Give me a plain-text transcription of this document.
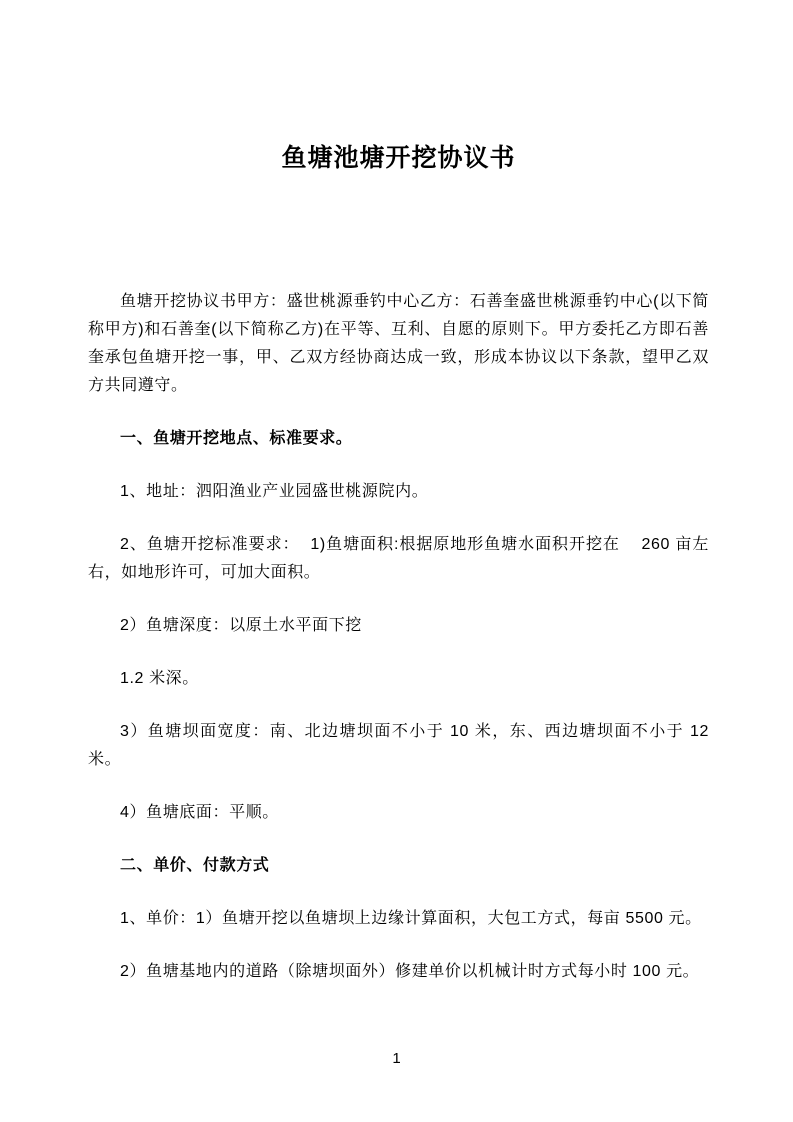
鱼塘池塘开挖协议书

鱼塘开挖协议书甲方：盛世桃源垂钓中心乙方：石善奎盛世桃源垂钓中心(以下简称甲方)和石善奎(以下简称乙方)在平等、互利、自愿的原则下。甲方委托乙方即石善奎承包鱼塘开挖一事，甲、乙双方经协商达成一致，形成本协议以下条款，望甲乙双方共同遵守。

一、鱼塘开挖地点、标准要求。

1、地址：泗阳渔业产业园盛世桃源院内。

2、鱼塘开挖标准要求：  1)鱼塘面积:根据原地形鱼塘水面积开挖在    260 亩左右，如地形许可，可加大面积。

2）鱼塘深度：以原土水平面下挖

1.2 米深。

3）鱼塘坝面宽度：南、北边塘坝面不小于 10 米，东、西边塘坝面不小于 12 米。

4）鱼塘底面：平顺。

二、单价、付款方式

1、单价：1）鱼塘开挖以鱼塘坝上边缘计算面积，大包工方式，每亩 5500 元。

2）鱼塘基地内的道路（除塘坝面外）修建单价以机械计时方式每小时 100 元。

1
